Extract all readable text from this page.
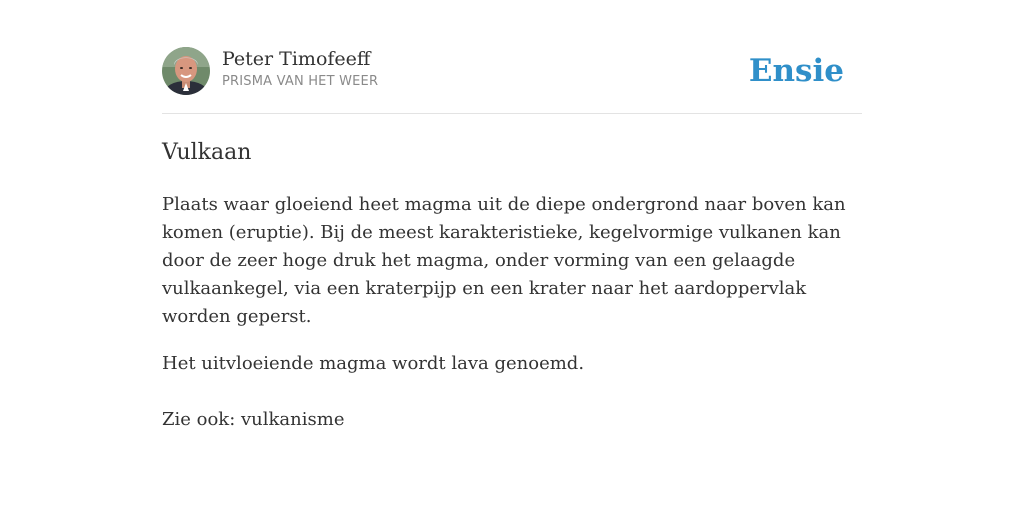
Peter Timofeeff
PRISMA VAN HET WEER	Ensie
Vulkaan

Plaats waar gloeiend heet magma uit de diepe ondergrond naar boven kan komen (eruptie). Bij de meest karakteristieke, kegelvormige vulkanen kan door de zeer hoge druk het magma, onder vorming van een gelaagde vulkaankegel, via een kraterpijp en een krater naar het aardoppervlak worden geperst.

Het uitvloeiende magma wordt lava genoemd.

Zie ook: vulkanisme
